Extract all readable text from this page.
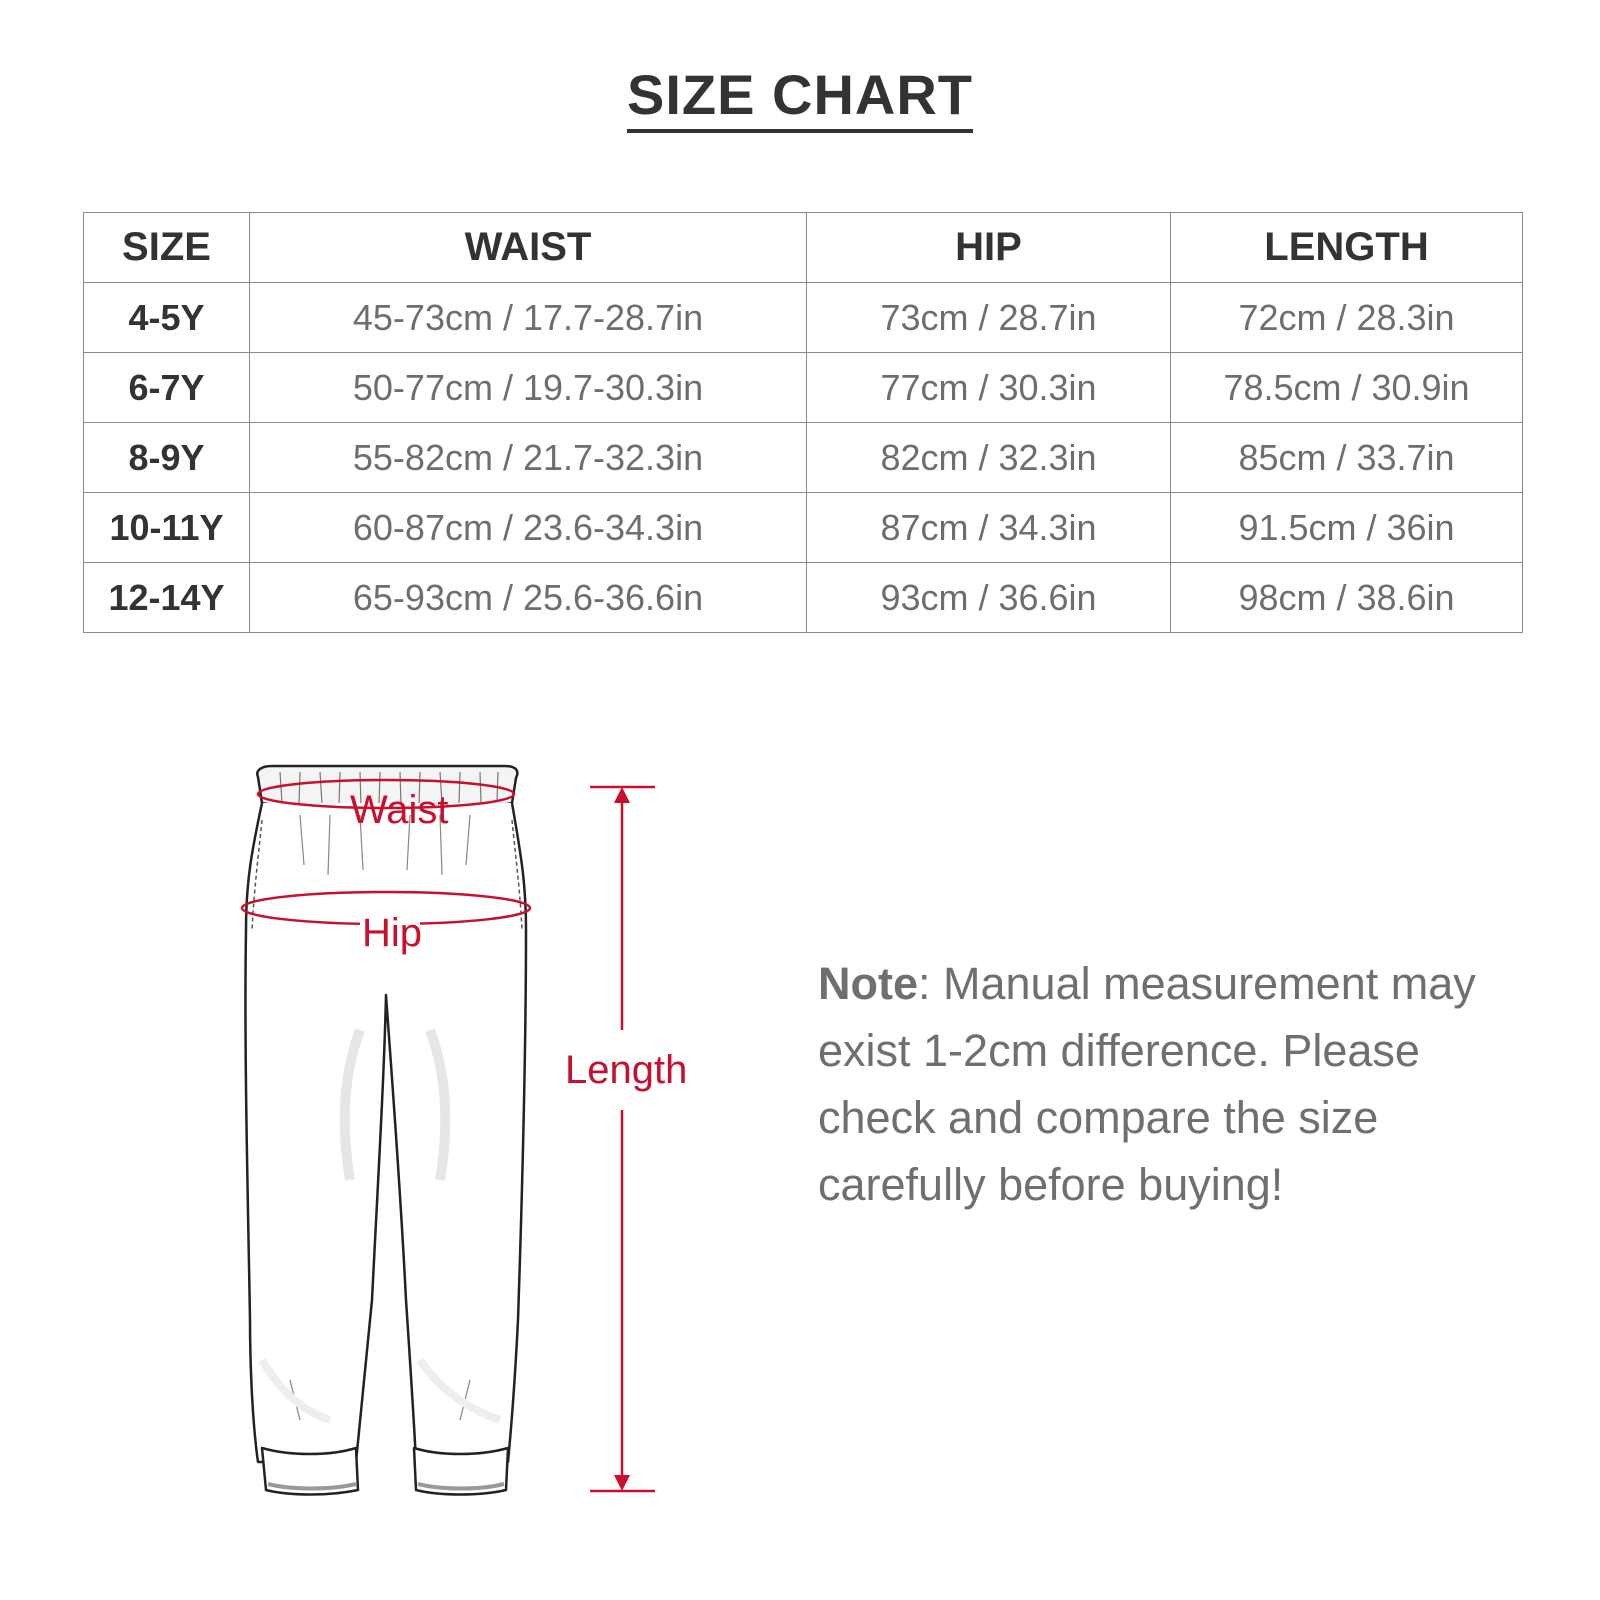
SIZE CHART
SIZE	WAIST	HIP	LENGTH
4-5Y	45-73cm / 17.7-28.7in	73cm / 28.7in	72cm / 28.3in
6-7Y	50-77cm / 19.7-30.3in	77cm / 30.3in	78.5cm / 30.9in
8-9Y	55-82cm / 21.7-32.3in	82cm / 32.3in	85cm / 33.7in
10-11Y	60-87cm / 23.6-34.3in	87cm / 34.3in	91.5cm / 36in
12-14Y	65-93cm / 25.6-36.6in	93cm / 36.6in	98cm / 38.6in
Waist
Hip
Length
Note: Manual measurement may exist 1-2cm difference. Please check and compare the size carefully before buying!
